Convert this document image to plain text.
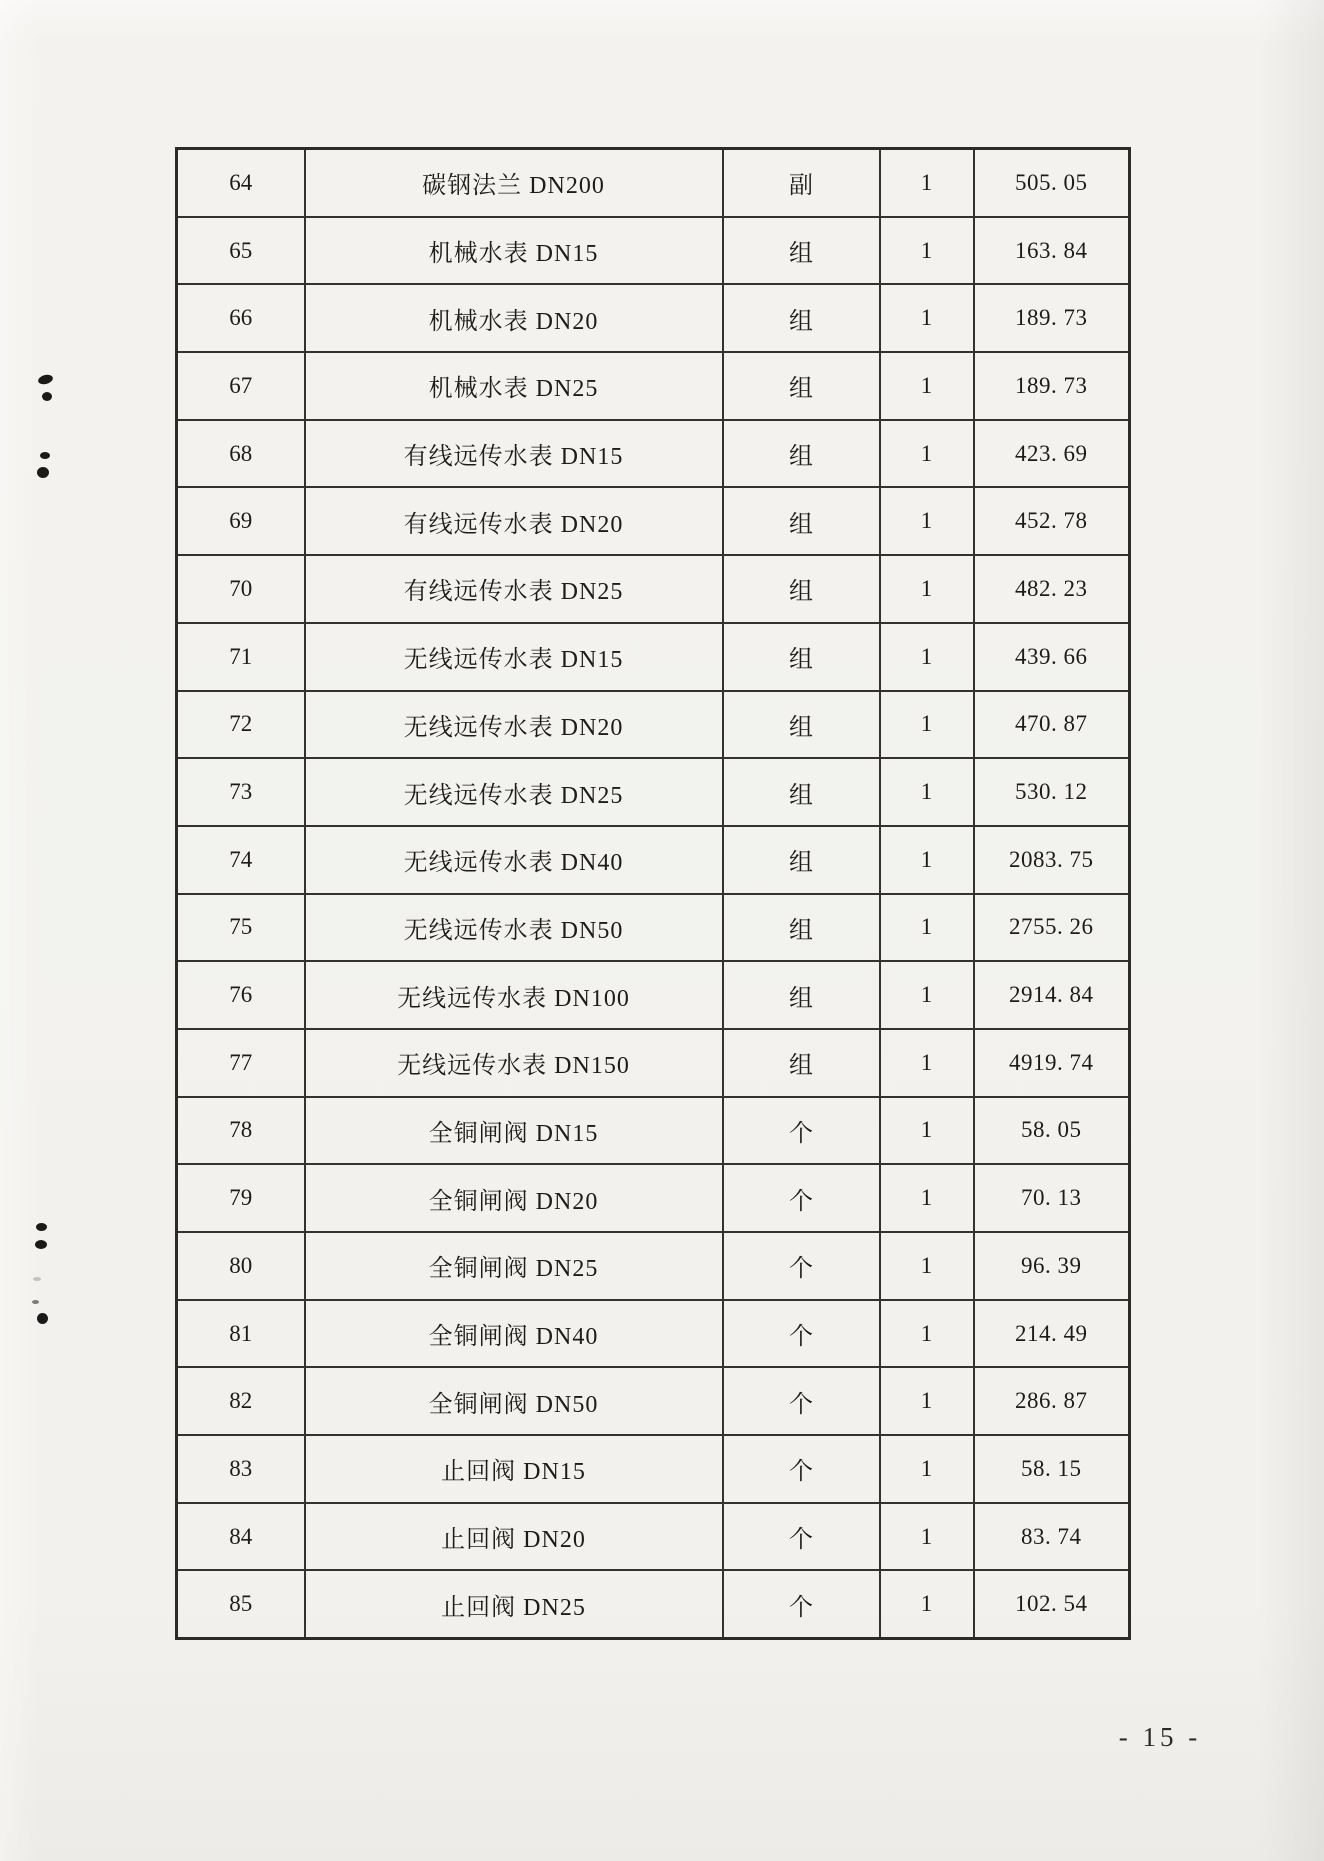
64	碳钢法兰 DN200	副	1	505. 05
65	机械水表 DN15	组	1	163. 84
66	机械水表 DN20	组	1	189. 73
67	机械水表 DN25	组	1	189. 73
68	有线远传水表 DN15	组	1	423. 69
69	有线远传水表 DN20	组	1	452. 78
70	有线远传水表 DN25	组	1	482. 23
71	无线远传水表 DN15	组	1	439. 66
72	无线远传水表 DN20	组	1	470. 87
73	无线远传水表 DN25	组	1	530. 12
74	无线远传水表 DN40	组	1	2083. 75
75	无线远传水表 DN50	组	1	2755. 26
76	无线远传水表 DN100	组	1	2914. 84
77	无线远传水表 DN150	组	1	4919. 74
78	全铜闸阀 DN15	个	1	58. 05
79	全铜闸阀 DN20	个	1	70. 13
80	全铜闸阀 DN25	个	1	96. 39
81	全铜闸阀 DN40	个	1	214. 49
82	全铜闸阀 DN50	个	1	286. 87
83	止回阀 DN15	个	1	58. 15
84	止回阀 DN20	个	1	83. 74
85	止回阀 DN25	个	1	102. 54
- 15 -
